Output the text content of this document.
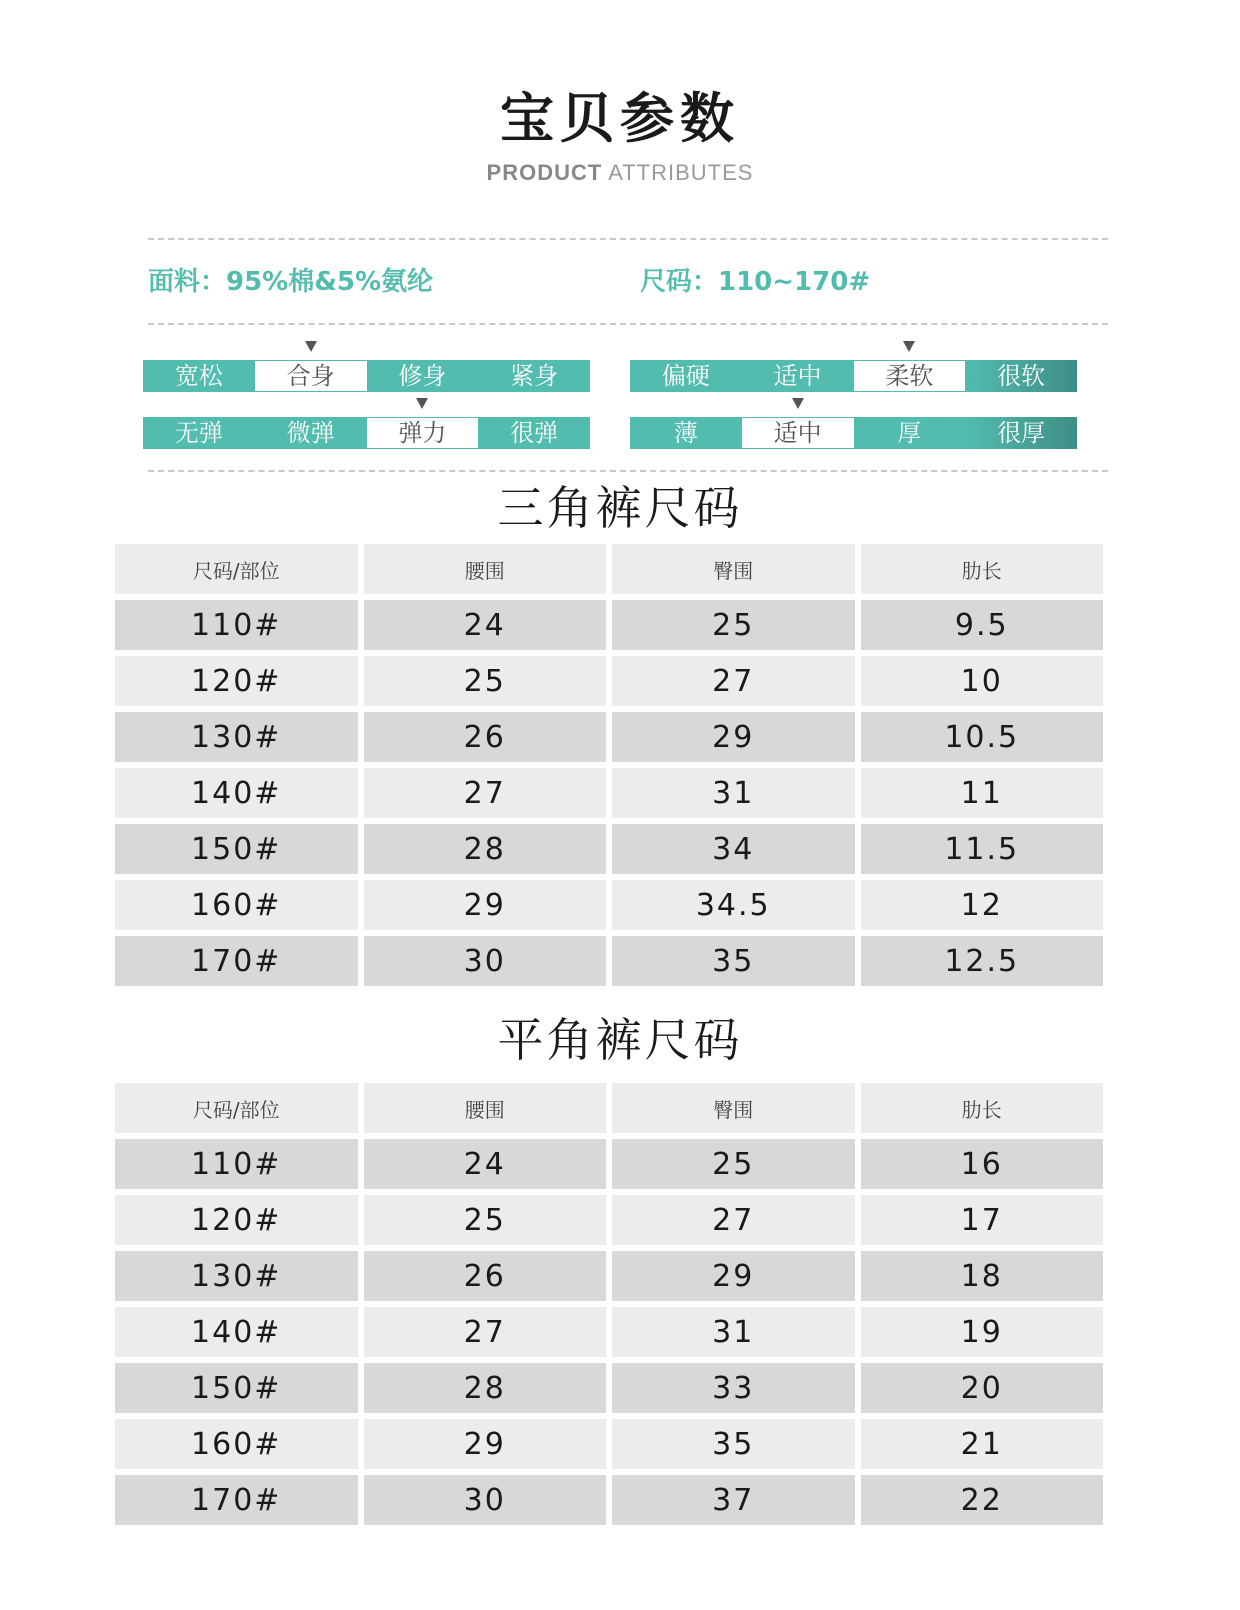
宝贝参数
PRODUCT ATTRIBUTES
面料：95%棉&5%氨纶	尺码：110~170#
宽松	合身	修身	紧身	偏硬	适中	柔软	很软
无弹	微弹	弹力	很弹	薄	适中	厚	很厚
三角裤尺码
尺码/部位	腰围	臀围	肋长
110#	24	25	9.5
120#	25	27	10
130#	26	29	10.5
140#	27	31	11
150#	28	34	11.5
160#	29	34.5	12
170#	30	35	12.5
平角裤尺码
尺码/部位	腰围	臀围	肋长
110#	24	25	16
120#	25	27	17
130#	26	29	18
140#	27	31	19
150#	28	33	20
160#	29	35	21
170#	30	37	22
